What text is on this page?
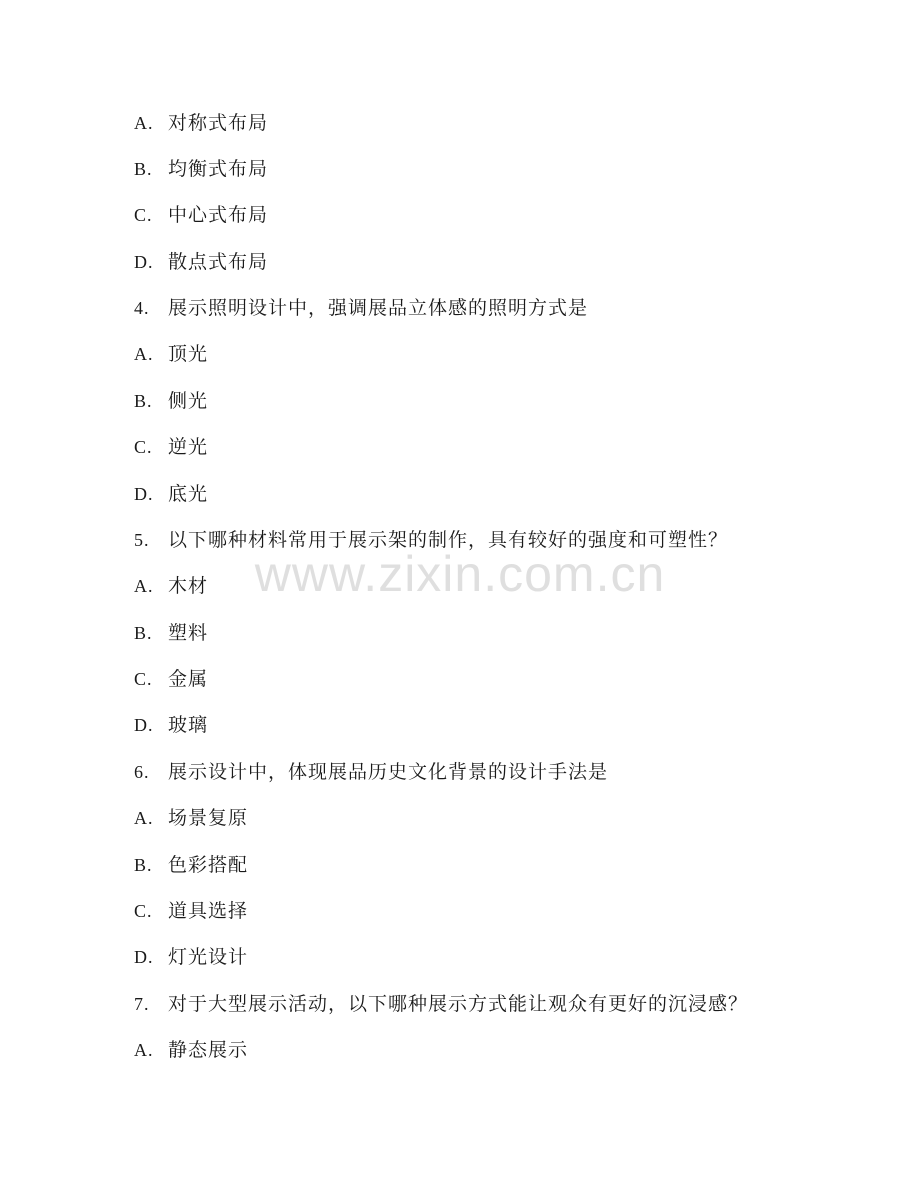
A. 对称式布局
B. 均衡式布局
C. 中心式布局
D. 散点式布局
4. 展示照明设计中，强调展品立体感的照明方式是
A. 顶光
B. 侧光
C. 逆光
D. 底光
5. 以下哪种材料常用于展示架的制作，具有较好的强度和可塑性？
A. 木材
B. 塑料
C. 金属
D. 玻璃
6. 展示设计中，体现展品历史文化背景的设计手法是
A. 场景复原
B. 色彩搭配
C. 道具选择
D. 灯光设计
7. 对于大型展示活动，以下哪种展示方式能让观众有更好的沉浸感？
A. 静态展示
www.zixin.com.cn
